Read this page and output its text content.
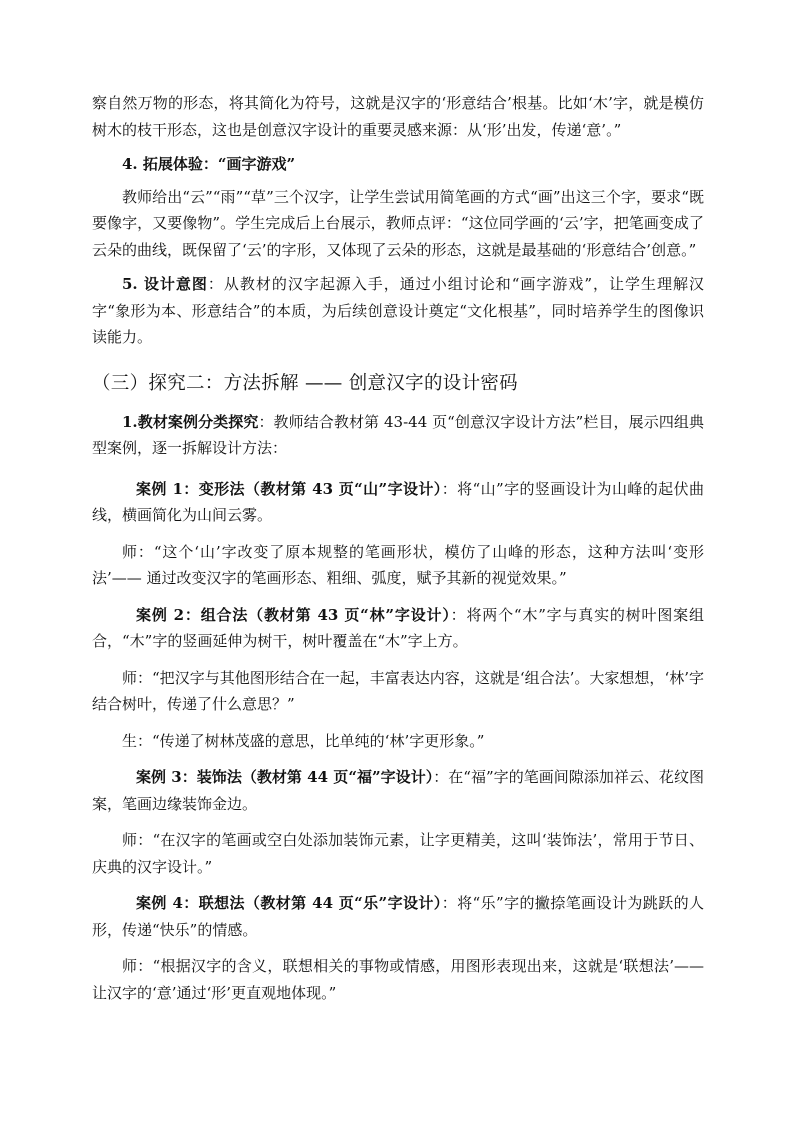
察自然万物的形态，将其简化为符号，这就是汉字的‘形意结合’根基。比如‘木’字，就是模仿树木的枝干形态，这也是创意汉字设计的重要灵感来源：从‘形’出发，传递‘意’。”

4. 拓展体验：“画字游戏”

教师给出“云”“雨”“草”三个汉字，让学生尝试用简笔画的方式“画”出这三个字，要求“既要像字，又要像物”。学生完成后上台展示，教师点评：“这位同学画的‘云’字，把笔画变成了云朵的曲线，既保留了‘云’的字形，又体现了云朵的形态，这就是最基础的‘形意结合’创意。”

5. 设计意图：从教材的汉字起源入手，通过小组讨论和“画字游戏”，让学生理解汉字“象形为本、形意结合”的本质，为后续创意设计奠定“文化根基”，同时培养学生的图像识读能力。

（三）探究二：方法拆解 —— 创意汉字的设计密码

1.教材案例分类探究：教师结合教材第 43-44 页“创意汉字设计方法”栏目，展示四组典型案例，逐一拆解设计方法：

案例 1：变形法（教材第 43 页“山”字设计）：将“山”字的竖画设计为山峰的起伏曲线，横画简化为山间云雾。

师：“这个‘山’字改变了原本规整的笔画形状，模仿了山峰的形态，这种方法叫‘变形法’—— 通过改变汉字的笔画形态、粗细、弧度，赋予其新的视觉效果。”

案例 2：组合法（教材第 43 页“林”字设计）：将两个“木”字与真实的树叶图案组合，“木”字的竖画延伸为树干，树叶覆盖在“木”字上方。

师：“把汉字与其他图形结合在一起，丰富表达内容，这就是‘组合法’。大家想想，‘林’字结合树叶，传递了什么意思？”

生：“传递了树林茂盛的意思，比单纯的‘林’字更形象。”

案例 3：装饰法（教材第 44 页“福”字设计）：在“福”字的笔画间隙添加祥云、花纹图案，笔画边缘装饰金边。

师：“在汉字的笔画或空白处添加装饰元素，让字更精美，这叫‘装饰法’，常用于节日、庆典的汉字设计。”

案例 4：联想法（教材第 44 页“乐”字设计）：将“乐”字的撇捺笔画设计为跳跃的人形，传递“快乐”的情感。

师：“根据汉字的含义，联想相关的事物或情感，用图形表现出来，这就是‘联想法’—— 让汉字的‘意’通过‘形’更直观地体现。”
